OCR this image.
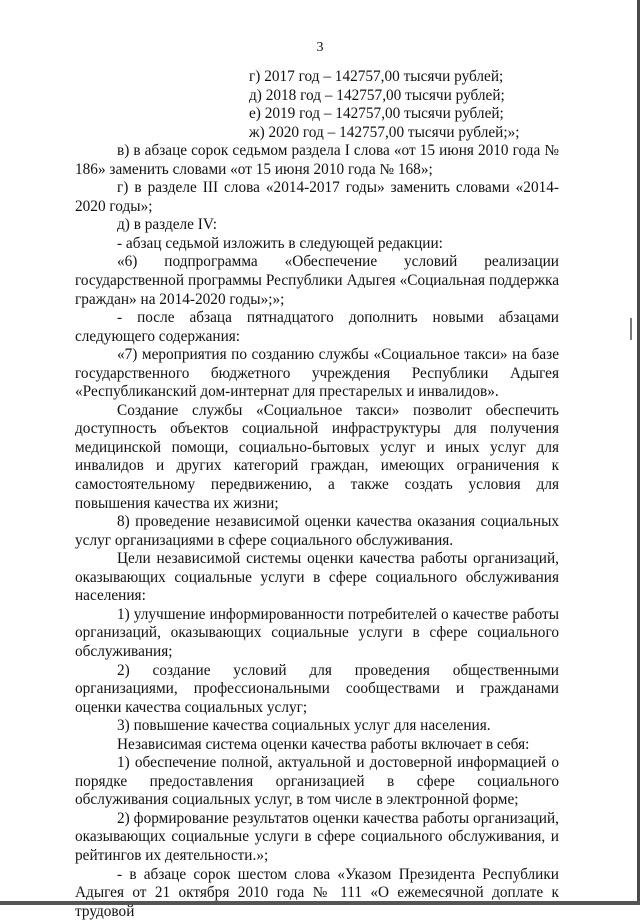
3
г) 2017 год – 142757,00 тысячи рублей;
д) 2018 год – 142757,00 тысячи рублей;
е) 2019 год – 142757,00 тысячи рублей;
ж) 2020 год – 142757,00 тысячи рублей;»;

в) в абзаце сорок седьмом раздела I слова «от 15 июня 2010 года № 186» заменить словами «от 15 июня 2010 года № 168»;

г) в разделе III слова «2014-2017 годы» заменить словами «2014-2020 годы»;

д) в разделе IV:

- абзац седьмой изложить в следующей редакции:

«6) подпрограмма «Обеспечение условий реализации государственной программы Республики Адыгея «Социальная поддержка граждан» на 2014-2020 годы»;»;

- после абзаца пятнадцатого дополнить новыми абзацами следующего содержания:

«7) мероприятия по созданию службы «Социальное такси» на базе государственного бюджетного учреждения Республики Адыгея «Республиканский дом-интернат для престарелых и инвалидов».

Создание службы «Социальное такси» позволит обеспечить доступность объектов социальной инфраструктуры для получения медицинской помощи, социально-бытовых услуг и иных услуг для инвалидов и других категорий граждан, имеющих ограничения к самостоятельному передвижению, а также создать условия для повышения качества их жизни;

8) проведение независимой оценки качества оказания социальных услуг организациями в сфере социального обслуживания.

Цели независимой системы оценки качества работы организаций, оказывающих социальные услуги в сфере социального обслуживания населения:

1) улучшение информированности потребителей о качестве работы организаций, оказывающих социальные услуги в сфере социального обслуживания;

2) создание условий для проведения общественными организациями, профессиональными сообществами и гражданами оценки качества социальных услуг;

3) повышение качества социальных услуг для населения.

Независимая система оценки качества работы включает в себя:

1) обеспечение полной, актуальной и достоверной информацией о порядке предоставления организацией в сфере социального обслуживания социальных услуг, в том числе в электронной форме;

2) формирование результатов оценки качества работы организаций, оказывающих социальные услуги в сфере социального обслуживания, и рейтингов их деятельности.»;

- в абзаце сорок шестом слова «Указом Президента Республики Адыгея от 21 октября 2010 года № 111 «О ежемесячной доплате к трудовой
